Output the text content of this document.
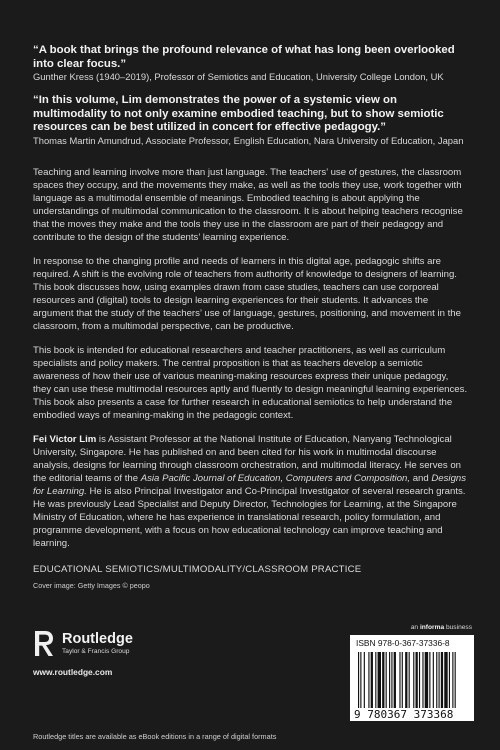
“A book that brings the profound relevance of what has long been overlooked into clear focus.”

Gunther Kress (1940–2019), Professor of Semiotics and Education, University College London, UK

“In this volume, Lim demonstrates the power of a systemic view on multimodality to not only examine embodied teaching, but to show semiotic resources can be best utilized in concert for effective pedagogy.”

Thomas Martin Amundrud, Associate Professor, English Education, Nara University of Education, Japan

Teaching and learning involve more than just language. The teachers’ use of gestures, the classroom spaces they occupy, and the movements they make, as well as the tools they use, work together with language as a multimodal ensemble of meanings. Embodied teaching is about applying the understandings of multimodal communication to the classroom. It is about helping teachers recognise that the moves they make and the tools they use in the classroom are part of their pedagogy and contribute to the design of the students’ learning experience.

In response to the changing profile and needs of learners in this digital age, pedagogic shifts are required. A shift is the evolving role of teachers from authority of knowledge to designers of learning. This book discusses how, using examples drawn from case studies, teachers can use corporeal resources and (digital) tools to design learning experiences for their students. It advances the argument that the study of the teachers’ use of language, gestures, positioning, and movement in the classroom, from a multimodal perspective, can be productive.

This book is intended for educational researchers and teacher practitioners, as well as curriculum specialists and policy makers. The central proposition is that as teachers develop a semiotic awareness of how their use of various meaning-making resources express their unique pedagogy, they can use these multimodal resources aptly and fluently to design meaningful learning experiences. This book also presents a case for further research in educational semiotics to help understand the embodied ways of meaning-making in the pedagogic context.

Fei Victor Lim is Assistant Professor at the National Institute of Education, Nanyang Technological University, Singapore. He has published on and been cited for his work in multimodal discourse analysis, designs for learning through classroom orchestration, and multimodal literacy. He serves on the editorial teams of the Asia Pacific Journal of Education, Computers and Composition, and Designs for Learning. He is also Principal Investigator and Co-Principal Investigator of several research grants. He was previously Lead Specialist and Deputy Director, Technologies for Learning, at the Singapore Ministry of Education, where he has experience in translational research, policy formulation, and programme development, with a focus on how educational technology can improve teaching and learning.

EDUCATIONAL SEMIOTICS/MULTIMODALITY/CLASSROOM PRACTICE

Cover image: Getty Images © peopo

Routledge

Taylor & Francis Group

www.routledge.com

an informa business

ISBN 978-0-367-37336-8

9 780367 373368

Routledge titles are available as eBook editions in a range of digital formats
